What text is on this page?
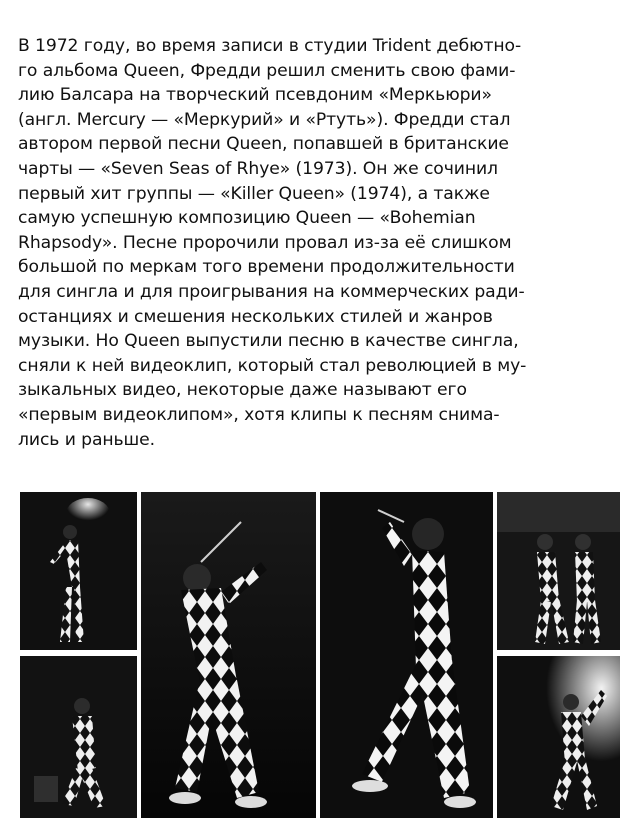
В 1972 году, во время записи в студии Trident дебютно-
го альбома Queen, Фредди решил сменить свою фами-
лию Балсара на творческий псевдоним «Меркьюри»
(англ. Mercury — «Меркурий» и «Ртуть»). Фредди стал
автором первой песни Queen, попавшей в британские
чарты — «Seven Seas of Rhye» (1973). Он же сочинил
первый хит группы — «Killer Queen» (1974), а также
самую успешную композицию Queen — «Bohemian
Rhapsody». Песне пророчили провал из-за её слишком
большой по меркам того времени продолжительности
для сингла и для проигрывания на коммерческих ради-
останциях и смешения нескольких стилей и жанров
музыки. Но Queen выпустили песню в качестве сингла,
сняли к ней видеоклип, который стал революцией в му-
зыкальных видео, некоторые даже называют его
«первым видеоклипом», хотя клипы к песням снима-
лись и раньше.
